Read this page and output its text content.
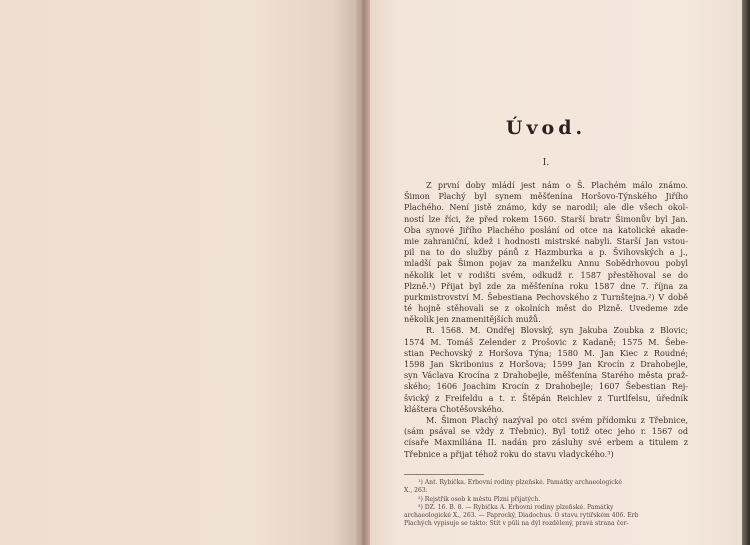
Úvod.
I.
Z první doby mládí jest nám o Š. Plachém málo známo.
Šimon Plachý byl synem měšťenína Horšovo-Týnského Jiřího
Plachého. Není jistě známo, kdy se narodil; ale dle všech okol-
ností lze říci, že před rokem 1560. Starší bratr Šimonův byl Jan.
Oba synové Jiřího Plachého poslání od otce na katolické akade-
mie zahraniční, kdež i hodnosti mistrské nabyli. Starší Jan vstou-
pil na to do služby pánů z Hazmburka a p. Švihovských a j.,
mladší pak Šimon pojav za manželku Annu Sobědrhovou pobyl
několik let v rodišti svém, odkudž r. 1587 přestěhoval se do
Plzně.¹) Přijat byl zde za měšťenína roku 1587 dne 7. října za
purkmistrovství M. Šebestiana Pechovského z Turnštejna.²) V době
té hojně stěhovali se z okolních měst do Plzně. Uvedeme zde
několik jen znamenitějších mužů.
R. 1568. M. Ondřej Blovský, syn Jakuba Zoubka z Blovic;
1574 M. Tomáš Zelender z Prošovic z Kadaně; 1575 M. Šebe-
stian Pechovský z Horšova Týna; 1580 M. Jan Kiec z Roudné;
1598 Jan Skribonius z Horšova; 1599 Jan Krocín z Drahobejle,
syn Václava Krocína z Drahobejle, měšťenína Starého města praž-
ského; 1606 Joachim Krocín z Drahobejle; 1607 Šebestian Rej-
švický z Freifeldu a t. r. Štěpán Reichlev z Turtlfelsu, úředník
kláštera Chotěšovského.
M. Šimon Plachý nazýval po otci svém přídomku z Třebnice,
(sám psával se vždy z Třebnic). Byl totiž otec jeho r. 1567 od
císaře Maxmiliána II. nadán pro zásluhy své erbem a titulem z
Třebnice a přijat téhož roku do stavu vladyckého.³)
¹) Ant. Rybička. Erbovní rodiny plzeňské. Památky archaeologické
X., 263.
²) Rejstřík osob k městu Plzni přijatých.
³) DZ. 16. B. 8. — Rybička A. Erbovní rodiny plzeňské. Památky
archaeologické X., 263. — Paprocký, Diadochus. O stavu rytířském 406. Erb
Plachých vypisuje se takto: Štít v půli na dýl rozdělený, pravá strana čer-
